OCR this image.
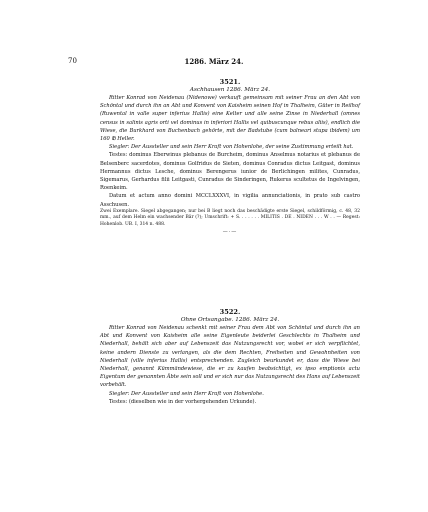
70	1286. März 24.
3521.
Aschhausen 1286. März 24.

Ritter Konrad von Neidenau (Nidenowe) verkauft gemeinsam mit seiner Frau an den Abt von Schöntal und durch ihn an Abt und Konvent von Kaisheim seinen Hof in Thalheim, Güter in Reilhof (Ruwental in valle super inferius Hallis) eine Kelter und alle seine Zinse in Niederhall (omnes census in salinis agris orti vel dominus in inferiori Hallis vel quibuscunque rebus aliis), endlich die Wiese, die Burkhard von Buchenbach gehörte, mit der Badstube (cum balneari stupa ibidem) um 160 ℔ Heller.

Siegler: Der Aussteller und sein Herr Kraft von Hohenlohe, der seine Zustimmung erteilt hat.

Testes: dominus Eberwinus plebanus de Burcheim, dominus Anselmus notarius et plebanus de Belsenberc sacerdotes, dominus Golfridus de Sieten, dominus Conradus dictus Leitgast, dominus Hermannus dictus Lesche, dominus Berengerus iunior de Berlichingen milites, Cunradus, Sigemarus, Gerhardus filii Leitgasti, Cunradus de Sinderingen, Rukerus scultetus de Ingelvingen, Roenkeim.

Datum et actum anno domini MCCLXXXVI, in vigilia annunciationis, in prato sub castro Asschusen.

Zwei Exemplare. Siegel abgegangen; nur bei B liegt noch das beschädigte erste Siegel, schildförmig, c. 48, 32 mm., auf dem Helm ein wachsender Bär (?); Umschrift: + S. . . . . . . MILITIS . DE . NIDEN . . . W . . — Regest: Hohenlob. UB. I, 314 n. 488.

—·—
3522.
Ohne Ortsangabe. 1286. März 24.

Ritter Konrad von Neidenau schenkt mit seiner Frau dem Abt von Schöntal und durch ihn an Abt und Konvent von Kaisheim alle seine Eigenleute beiderlei Geschlechts in Thalheim und Niederhall, behält sich aber auf Lebenszeit das Nutzungsrecht vor, wobei er sich verpflichtet, keine andern Dienste zu verlangen, als die dem Rechten, Freiheiten und Gewohnheiten von Niederhall (ville inferius Hallis) entsprechenden. Zugleich beurkundet er, dass die Wiese bei Niederhall, genannt Kümmändewiese, die er zu kaufen beabsichtigt, ex ipso emptionis actu Eigentum der genannten Äbte sein soll und er sich nur das Nutzungsrecht des Hans auf Lebenszeit vorbehält.

Siegler: Der Aussteller und sein Herr Kraft von Hohenlohe.

Testes: (dieselben wie in der vorhergehenden Urkunde).
